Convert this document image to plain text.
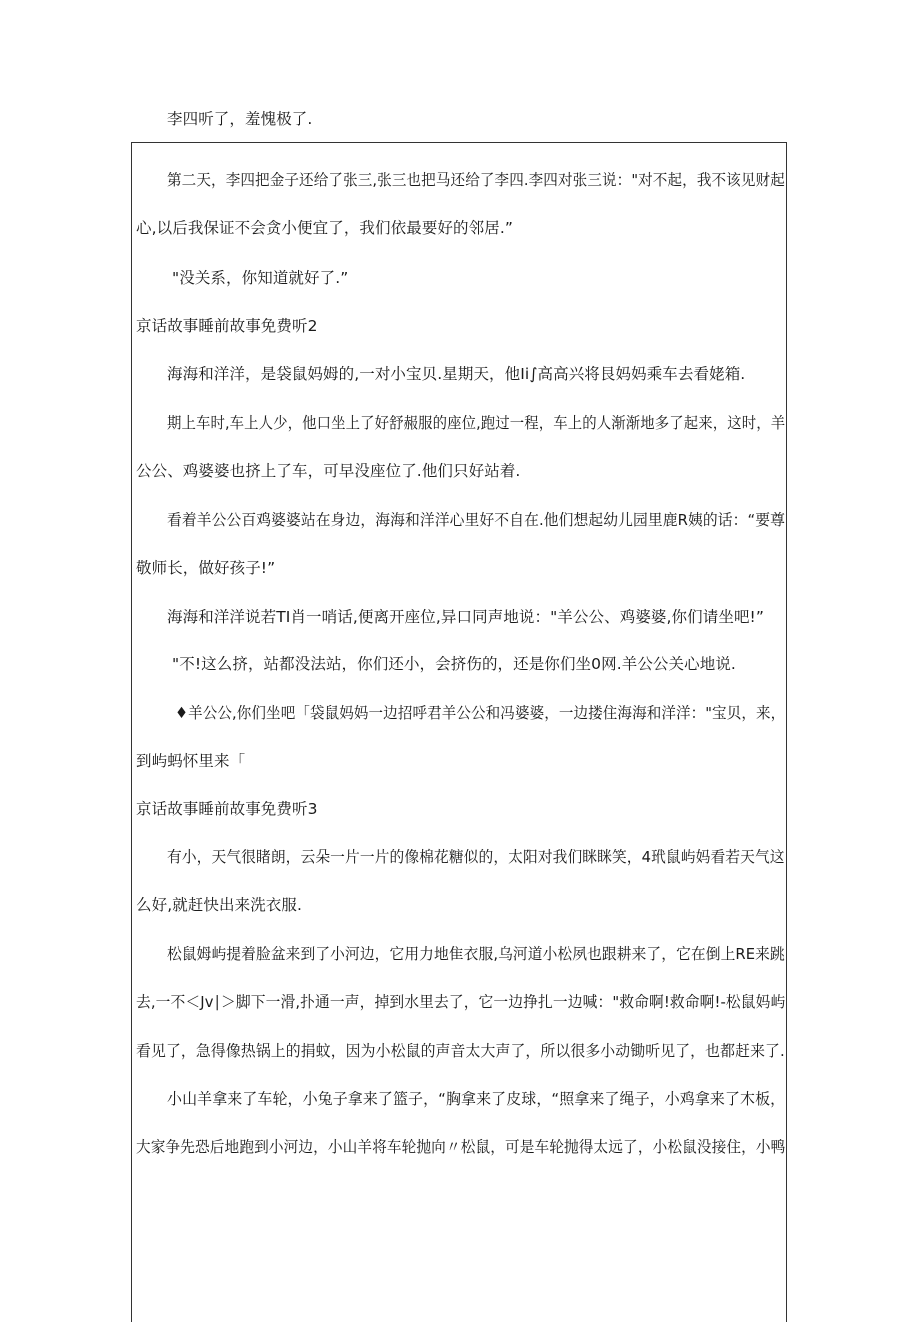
李四听了，羞愧极了.
第二天，李四把金子还给了张三,张三也把马还给了李四.李四对张三说："对不起，我不该见财起
心,以后我保证不会贪小便宜了，我们依最要好的邻居.”
"没关系，你知道就好了.”
京话故事睡前故事免费听2
海海和洋洋，是袋鼠妈姆的,一对小宝贝.星期天，他Ii∫高高兴将艮妈妈乘车去看姥箱.
期上车时,车上人少，他口坐上了好舒赧服的座位,跑过一程，车上的人渐渐地多了起来，这时，羊
公公、鸡婆婆也挤上了车，可早没座位了.他们只好站着.
看着羊公公百鸡婆婆站在身边，海海和洋洋心里好不自在.他们想起幼儿园里鹿R姨的话：“要尊
敬师长，做好孩子!”
海海和洋洋说若TI肖一哨话,便离开座位,异口同声地说："羊公公、鸡婆婆,你们请坐吧!”
"不!这么挤，站都没法站，你们还小，会挤伤的，还是你们坐0网.羊公公关心地说.
♦羊公公,你们坐吧「袋鼠妈妈一边招呼君羊公公和冯婆婆，一边搂住海海和洋洋："宝贝，来，
到屿蚂怀里来「
京话故事睡前故事免费听3
有小，天气很睹朗，云朵一片一片的像棉花糖似的，太阳对我们眯眯笑，4玳鼠屿妈看若天气这
么好,就赶快出来洗衣服.
松鼠姆屿提着脸盆来到了小河边，它用力地隹衣服,乌河道小松夙也跟耕来了，它在倒上RE来跳
去,一不＜Jv∣＞脚下一滑,扑通一声，掉到水里去了，它一边挣扎一边喊："救命啊!救命啊!-松鼠妈屿
看见了，急得像热锅上的捐蚊，因为小松鼠的声音太大声了，所以很多小动锄听见了，也都赶来了.
小山羊拿来了车轮，小兔子拿来了篮子，“胸拿来了皮球，“照拿来了绳子，小鸡拿来了木板，
大家争先恐后地跑到小河边，小山羊将车轮抛向〃松鼠，可是车轮抛得太远了，小松鼠没接住，小鸭
